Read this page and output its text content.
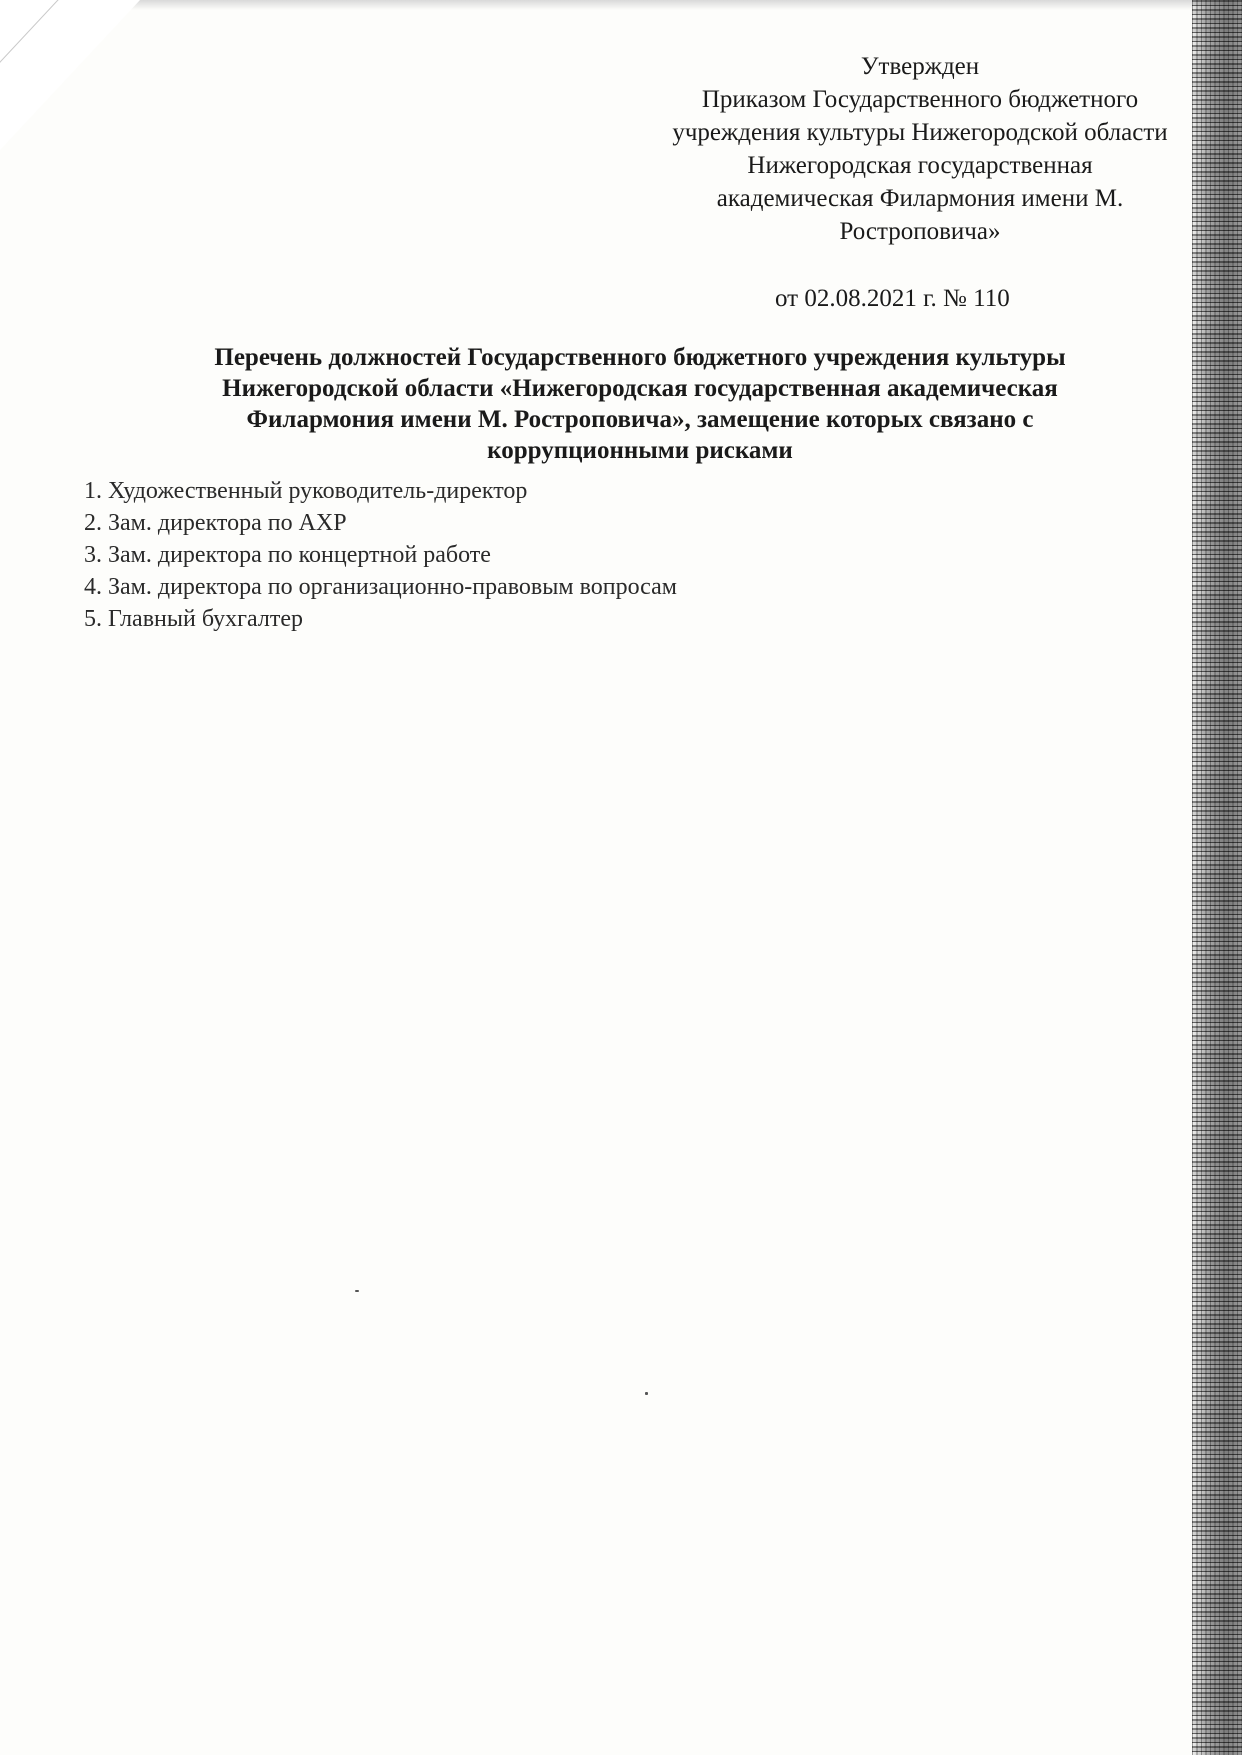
Утвержден
Приказом Государственного бюджетного
учреждения культуры Нижегородской области
Нижегородская государственная
академическая Филармония имени М.
Ростроповича»
от 02.08.2021 г. № 110
Перечень должностей Государственного бюджетного учреждения культуры
Нижегородской области «Нижегородская государственная академическая
Филармония имени М. Ростроповича», замещение которых связано с
коррупционными рисками
1. Художественный руководитель-директор
2. Зам. директора по АХР
3. Зам. директора по концертной работе
4. Зам. директора по организационно-правовым вопросам
5. Главный бухгалтер
